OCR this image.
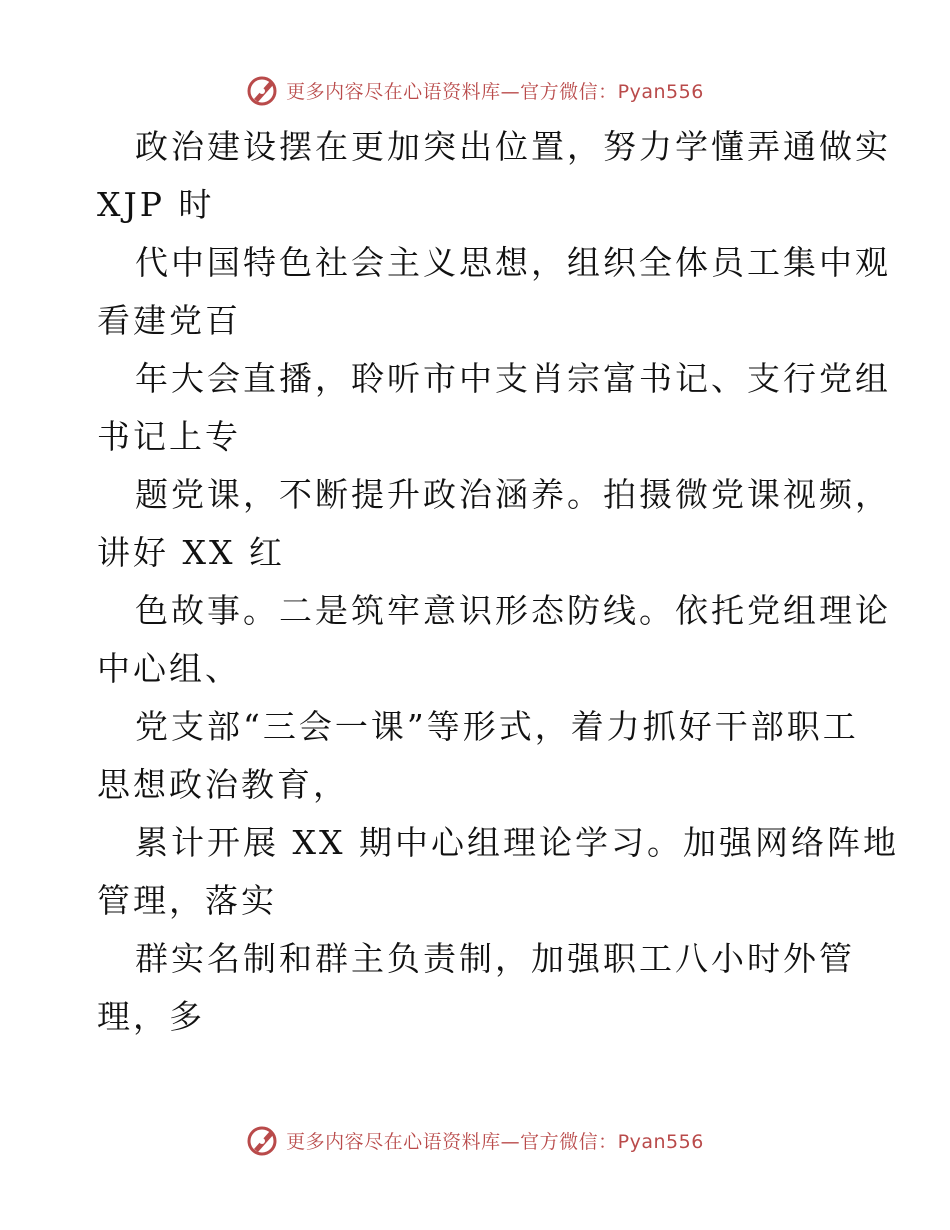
更多内容尽在心语资料库—官方微信：Pyan556
政治建设摆在更加突出位置，努力学懂弄通做实
XJP 时
代中国特色社会主义思想，组织全体员工集中观
看建党百
年大会直播，聆听市中支肖宗富书记、支行党组
书记上专
题党课，不断提升政治涵养。拍摄微党课视频，
讲好 XX 红
色故事。二是筑牢意识形态防线。依托党组理论
中心组、
党支部“三会一课”等形式，着力抓好干部职工
思想政治教育，
累计开展 XX 期中心组理论学习。加强网络阵地
管理，落实
群实名制和群主负责制，加强职工八小时外管
理，多
更多内容尽在心语资料库—官方微信：Pyan556
